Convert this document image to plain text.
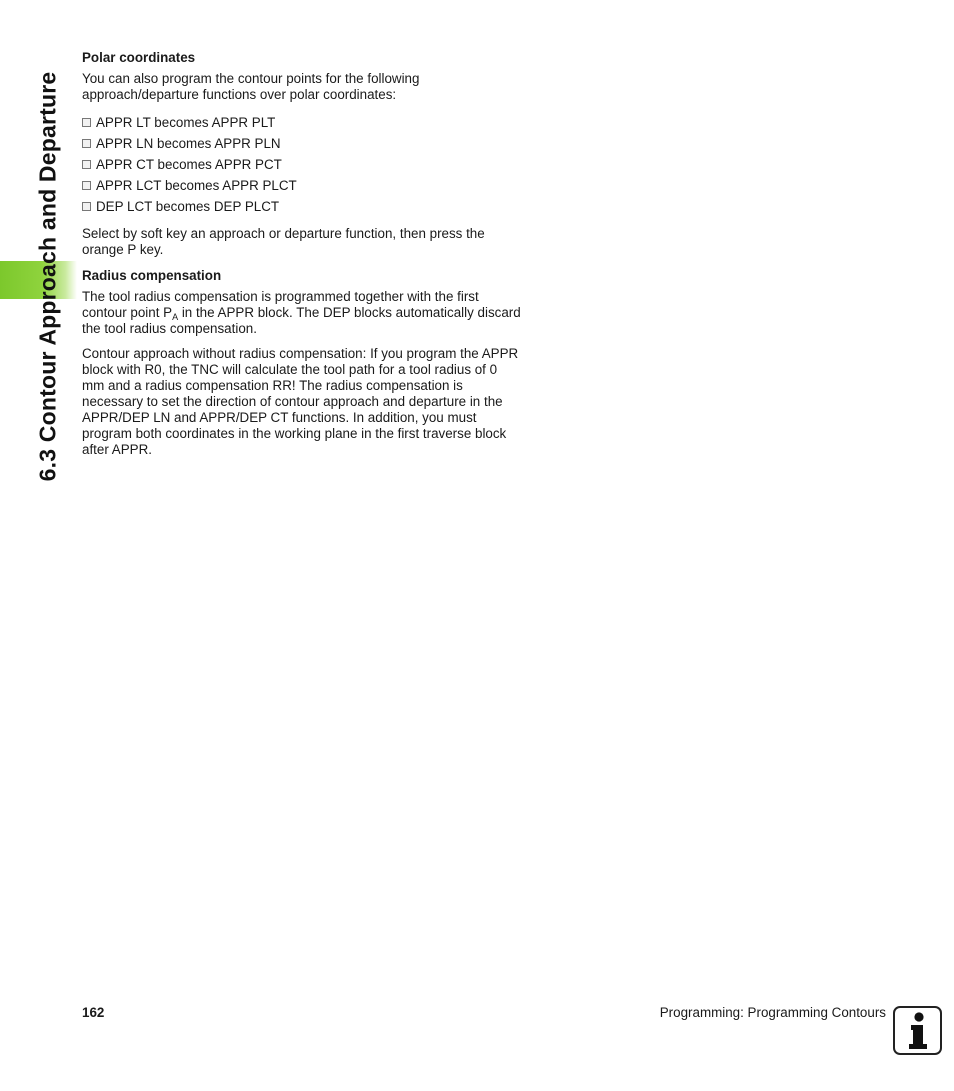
6.3 Contour Approach and Departure
Polar coordinates

You can also program the contour points for the following approach/departure functions over polar coordinates:

APPR LT becomes APPR PLT
APPR LN becomes APPR PLN
APPR CT becomes APPR PCT
APPR LCT becomes APPR PLCT
DEP LCT becomes DEP PLCT

Select by soft key an approach or departure function, then press the orange P key.

Radius compensation

The tool radius compensation is programmed together with the first contour point $P_A$ in the APPR block. The DEP blocks automatically discard the tool radius compensation.

Contour approach without radius compensation: If you program the APPR block with R0, the TNC will calculate the tool path for a tool radius of 0 mm and a radius compensation RR! The radius compensation is necessary to set the direction of contour approach and departure in the APPR/DEP LN and APPR/DEP CT functions. In addition, you must program both coordinates in the working plane in the first traverse block after APPR.

162	Programming: Programming Contours
